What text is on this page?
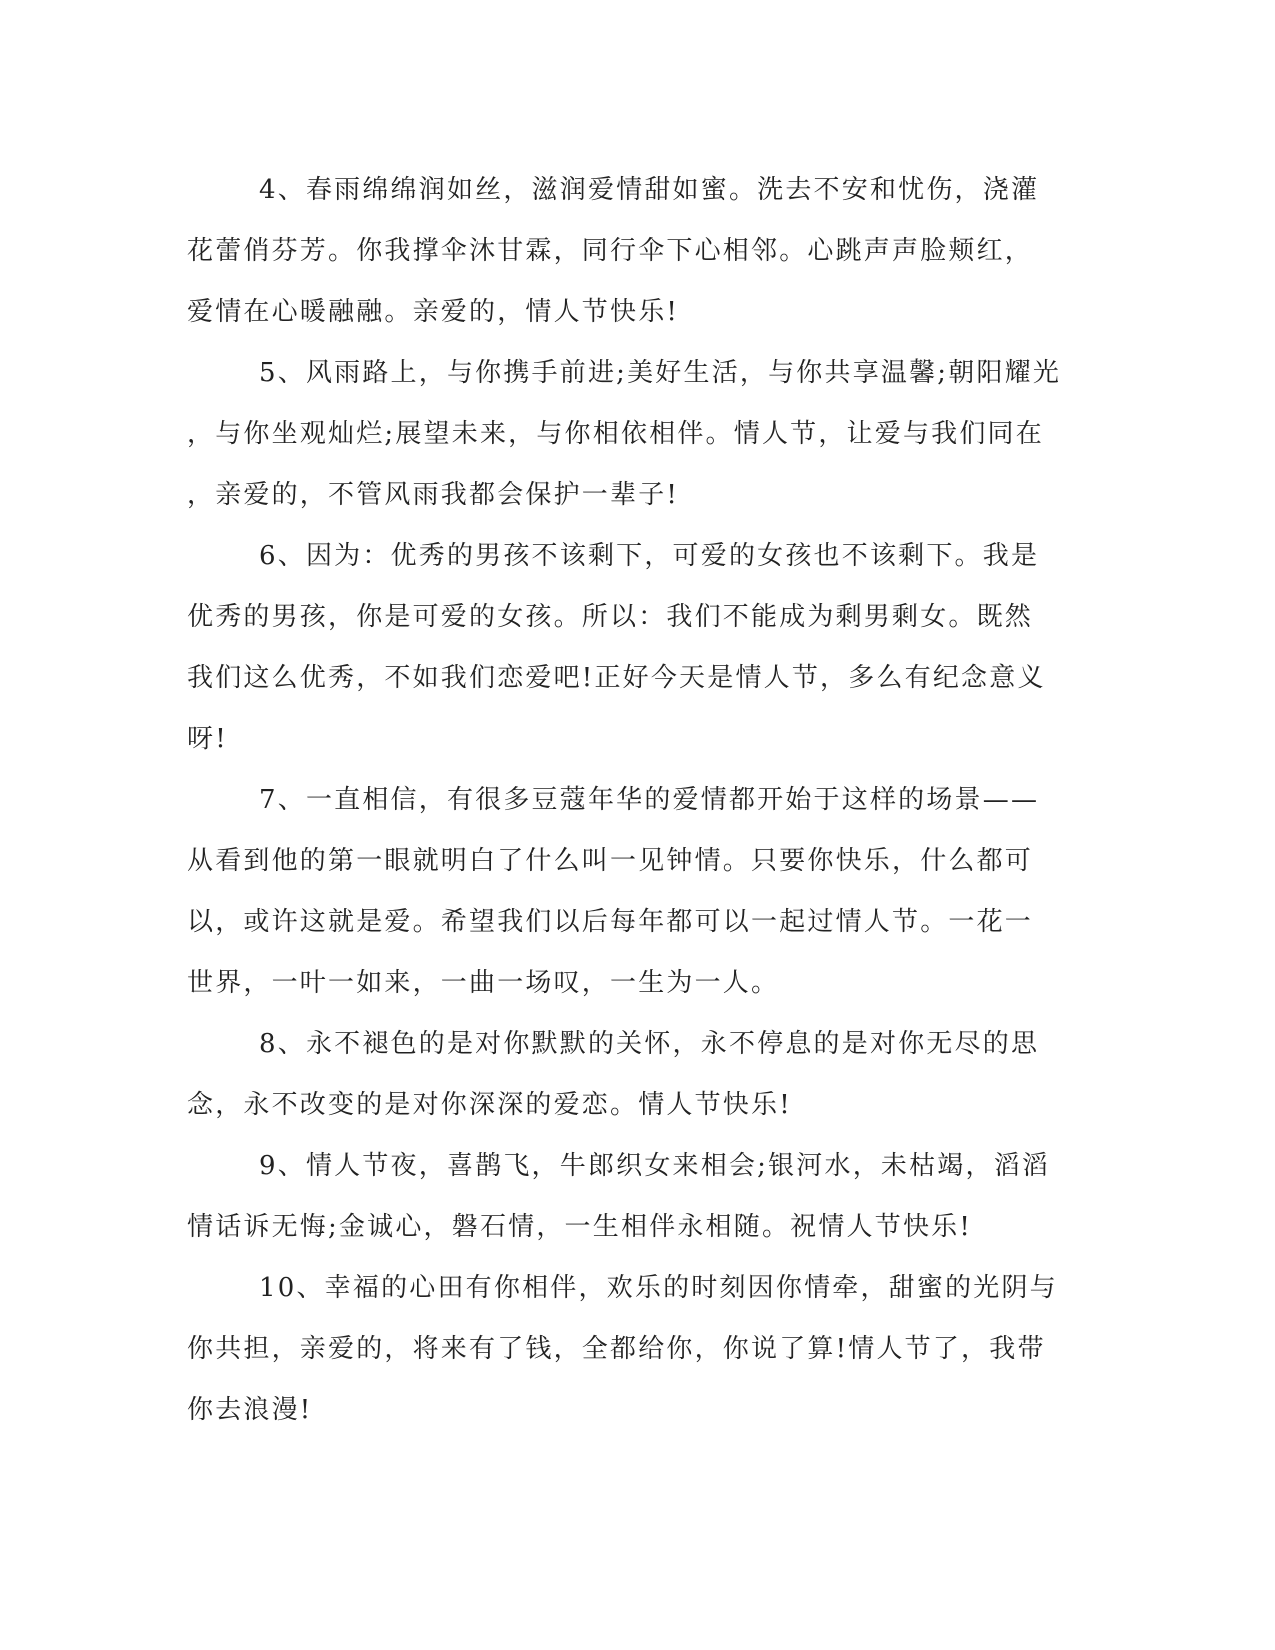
4、春雨绵绵润如丝，滋润爱情甜如蜜。洗去不安和忧伤，浇灌
花蕾俏芬芳。你我撑伞沐甘霖，同行伞下心相邻。心跳声声脸颊红，
爱情在心暖融融。亲爱的，情人节快乐!
5、风雨路上，与你携手前进;美好生活，与你共享温馨;朝阳耀光
，与你坐观灿烂;展望未来，与你相依相伴。情人节，让爱与我们同在
，亲爱的，不管风雨我都会保护一辈子!
6、因为：优秀的男孩不该剩下，可爱的女孩也不该剩下。我是
优秀的男孩，你是可爱的女孩。所以：我们不能成为剩男剩女。既然
我们这么优秀，不如我们恋爱吧!正好今天是情人节，多么有纪念意义
呀!
7、一直相信，有很多豆蔻年华的爱情都开始于这样的场景——
从看到他的第一眼就明白了什么叫一见钟情。只要你快乐，什么都可
以，或许这就是爱。希望我们以后每年都可以一起过情人节。一花一
世界，一叶一如来，一曲一场叹，一生为一人。
8、永不褪色的是对你默默的关怀，永不停息的是对你无尽的思
念，永不改变的是对你深深的爱恋。情人节快乐!
9、情人节夜，喜鹊飞，牛郎织女来相会;银河水，未枯竭，滔滔
情话诉无悔;金诚心，磐石情，一生相伴永相随。祝情人节快乐!
10、幸福的心田有你相伴，欢乐的时刻因你情牵，甜蜜的光阴与
你共担，亲爱的，将来有了钱，全都给你，你说了算!情人节了，我带
你去浪漫!
